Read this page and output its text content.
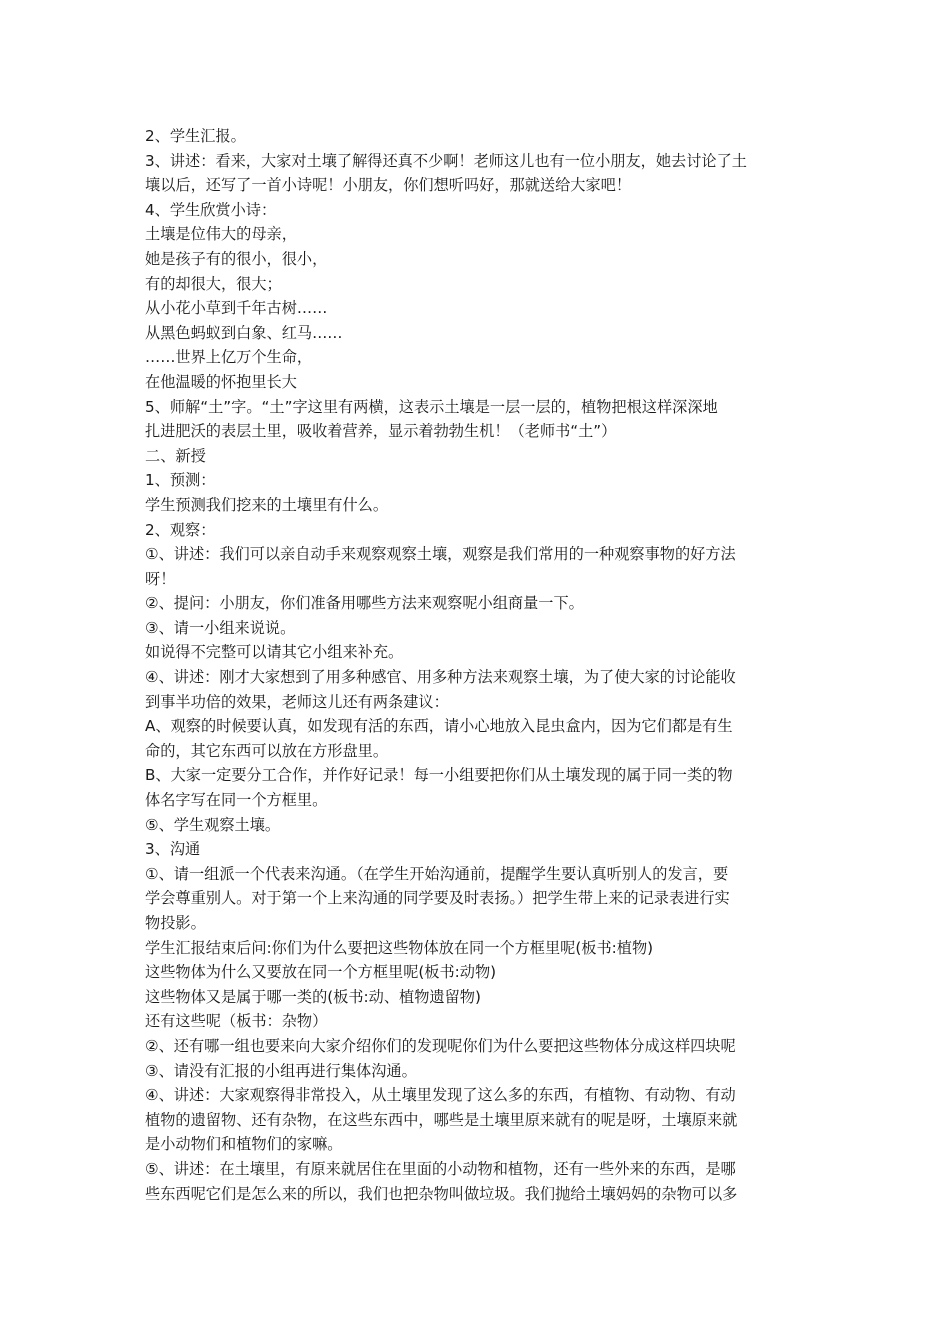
2、学生汇报。

3、讲述：看来，大家对土壤了解得还真不少啊！老师这儿也有一位小朋友，她去讨论了土

壤以后，还写了一首小诗呢！小朋友，你们想听吗好，那就送给大家吧！

4、学生欣赏小诗：

土壤是位伟大的母亲，

她是孩子有的很小，很小，

有的却很大，很大；

从小花小草到千年古树……

从黑色蚂蚁到白象、红马……

……世界上亿万个生命，

在他温暖的怀抱里长大

5、师解“土”字。“土”字这里有两横，这表示土壤是一层一层的，植物把根这样深深地

扎进肥沃的表层土里，吸收着营养，显示着勃勃生机！（老师书“土”）

二、新授

1、预测：

学生预测我们挖来的土壤里有什么。

2、观察：

①、讲述：我们可以亲自动手来观察观察土壤，观察是我们常用的一种观察事物的好方法

呀！

②、提问：小朋友，你们准备用哪些方法来观察呢小组商量一下。

③、请一小组来说说。

如说得不完整可以请其它小组来补充。

④、讲述：刚才大家想到了用多种感官、用多种方法来观察土壤，为了使大家的讨论能收

到事半功倍的效果，老师这儿还有两条建议：

A、观察的时候要认真，如发现有活的东西，请小心地放入昆虫盒内，因为它们都是有生

命的，其它东西可以放在方形盘里。

B、大家一定要分工合作，并作好记录！每一小组要把你们从土壤发现的属于同一类的物

体名字写在同一个方框里。

⑤、学生观察土壤。

3、沟通

①、请一组派一个代表来沟通。（在学生开始沟通前，提醒学生要认真听别人的发言，要

学会尊重别人。对于第一个上来沟通的同学要及时表扬。）把学生带上来的记录表进行实

物投影。

学生汇报结束后问:你们为什么要把这些物体放在同一个方框里呢(板书:植物)

这些物体为什么又要放在同一个方框里呢(板书:动物)

这些物体又是属于哪一类的(板书:动、植物遗留物)

还有这些呢（板书：杂物）

②、还有哪一组也要来向大家介绍你们的发现呢你们为什么要把这些物体分成这样四块呢

③、请没有汇报的小组再进行集体沟通。

④、讲述：大家观察得非常投入，从土壤里发现了这么多的东西，有植物、有动物、有动

植物的遗留物、还有杂物，在这些东西中，哪些是土壤里原来就有的呢是呀，土壤原来就

是小动物们和植物们的家嘛。

⑤、讲述：在土壤里，有原来就居住在里面的小动物和植物，还有一些外来的东西，是哪

些东西呢它们是怎么来的所以，我们也把杂物叫做垃圾。我们抛给土壤妈妈的杂物可以多
